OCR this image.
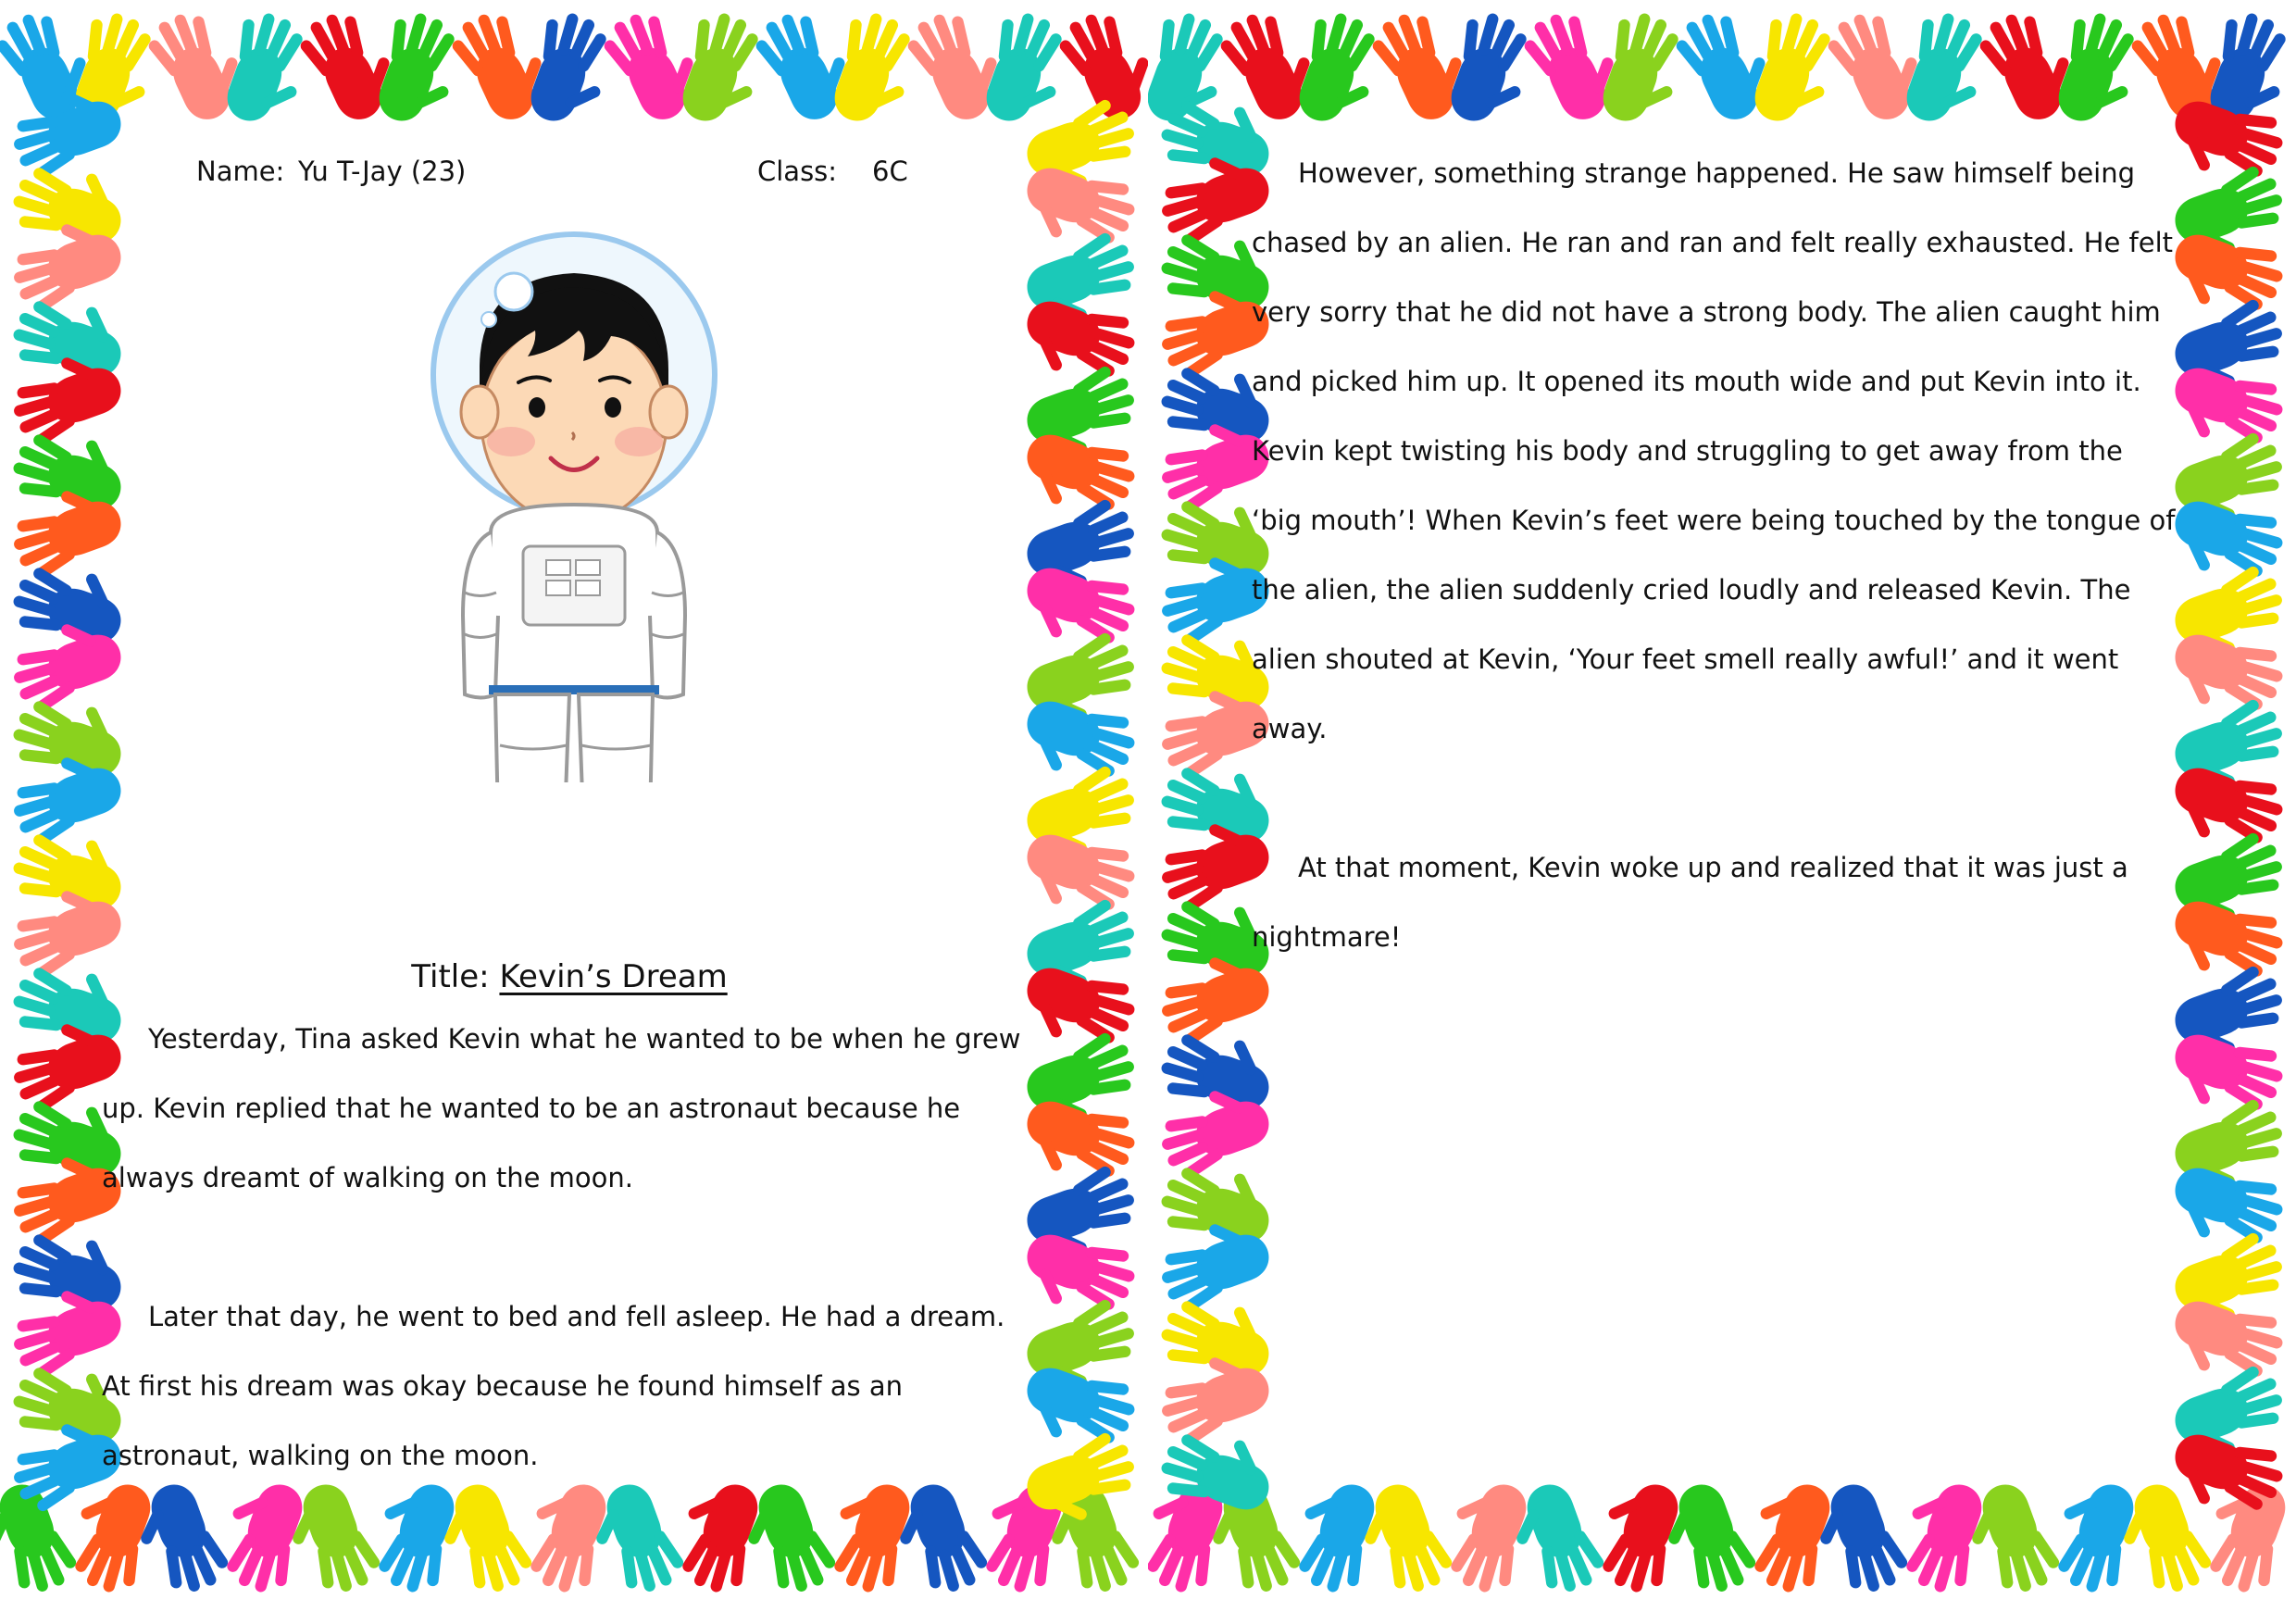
Name: Yu T-Jay (23)	Class: 6C

Title: Kevin’s Dream

Yesterday, Tina asked Kevin what he wanted to be when he grew up. Kevin replied that he wanted to be an astronaut because he always dreamt of walking on the moon.

Later that day, he went to bed and fell asleep. He had a dream. At first his dream was okay because he found himself as an astronaut, walking on the moon.

However, something strange happened. He saw himself being chased by an alien. He ran and ran and felt really exhausted. He felt very sorry that he did not have a strong body. The alien caught him and picked him up. It opened its mouth wide and put Kevin into it. Kevin kept twisting his body and struggling to get away from the ‘big mouth’! When Kevin’s feet were being touched by the tongue of the alien, the alien suddenly cried loudly and released Kevin. The alien shouted at Kevin, ‘Your feet smell really awful!’ and it went away.

At that moment, Kevin woke up and realized that it was just a nightmare!
